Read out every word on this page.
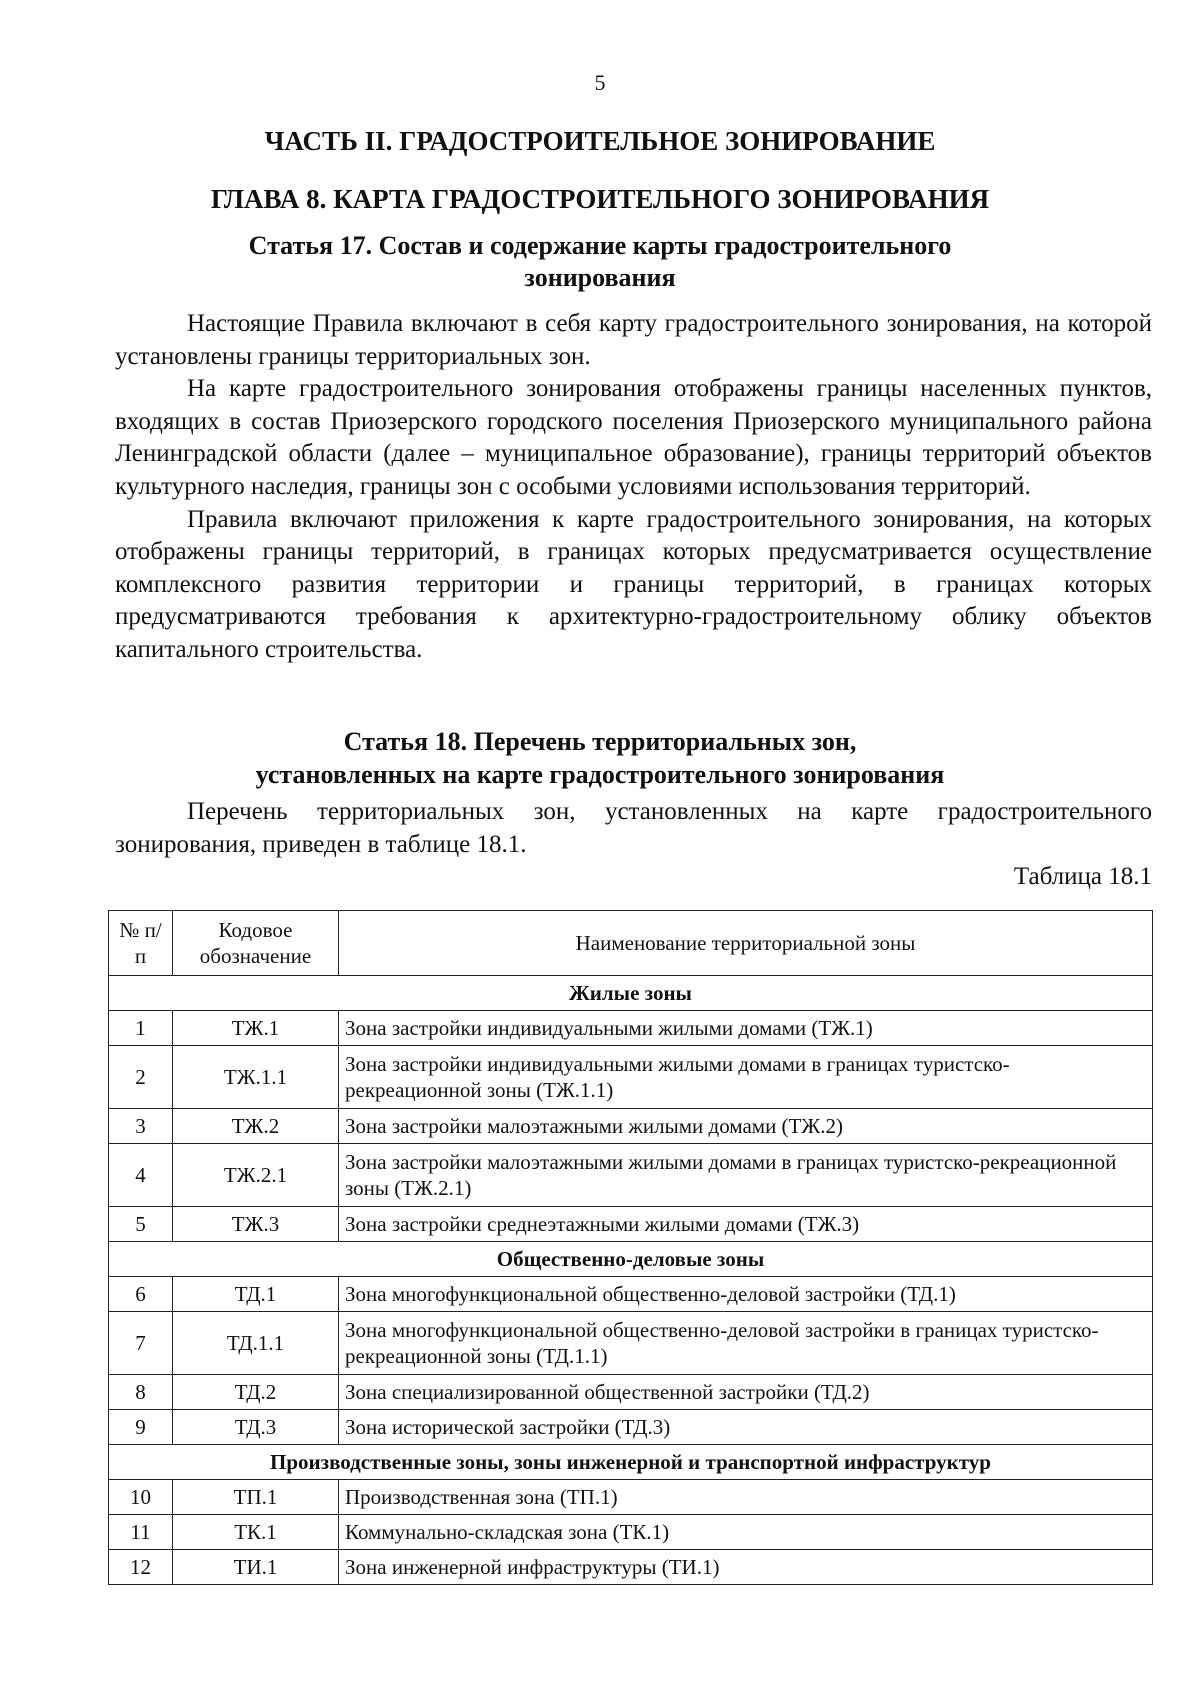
5
ЧАСТЬ II. ГРАДОСТРОИТЕЛЬНОЕ ЗОНИРОВАНИЕ
ГЛАВА 8. КАРТА ГРАДОСТРОИТЕЛЬНОГО ЗОНИРОВАНИЯ
Статья 17. Состав и содержание карты градостроительного
зонирования

Настоящие Правила включают в себя карту градостроительного зонирования, на которой установлены границы территориальных зон.

На карте градостроительного зонирования отображены границы населенных пунктов, входящих в состав Приозерского городского поселения Приозерского муниципального района Ленинградской области (далее – муниципальное образование), границы территорий объектов культурного наследия, границы зон с особыми условиями использования территорий.

Правила включают приложения к карте градостроительного зонирования, на которых отображены границы территорий, в границах которых предусматривается осуществление комплексного развития территории и границы территорий, в границах которых предусматриваются требования к архитектурно-градостроительному облику объектов капитального строительства.

Статья 18. Перечень территориальных зон,
установленных на карте градостроительного зонирования

Перечень территориальных зон, установленных на карте градостроительного зонирования, приведен в таблице 18.1.

Таблица 18.1
№ п/п	Кодовое обозначение	Наименование территориальной зоны
Жилые зоны		
1	ТЖ.1	Зона застройки индивидуальными жилыми домами (ТЖ.1)
2	ТЖ.1.1	Зона застройки индивидуальными жилыми домами в границах туристско-рекреационной зоны (ТЖ.1.1)
3	ТЖ.2	Зона застройки малоэтажными жилыми домами (ТЖ.2)
4	ТЖ.2.1	Зона застройки малоэтажными жилыми домами в границах туристско-рекреационной зоны (ТЖ.2.1)
5	ТЖ.3	Зона застройки среднеэтажными жилыми домами (ТЖ.3)
Общественно-деловые зоны		
6	ТД.1	Зона многофункциональной общественно-деловой застройки (ТД.1)
7	ТД.1.1	Зона многофункциональной общественно-деловой застройки в границах туристско-рекреационной зоны (ТД.1.1)
8	ТД.2	Зона специализированной общественной застройки (ТД.2)
9	ТД.3	Зона исторической застройки (ТД.3)
Производственные зоны, зоны инженерной и транспортной инфраструктур		
10	ТП.1	Производственная зона (ТП.1)
11	ТК.1	Коммунально-складская зона (ТК.1)
12	ТИ.1	Зона инженерной инфраструктуры (ТИ.1)
